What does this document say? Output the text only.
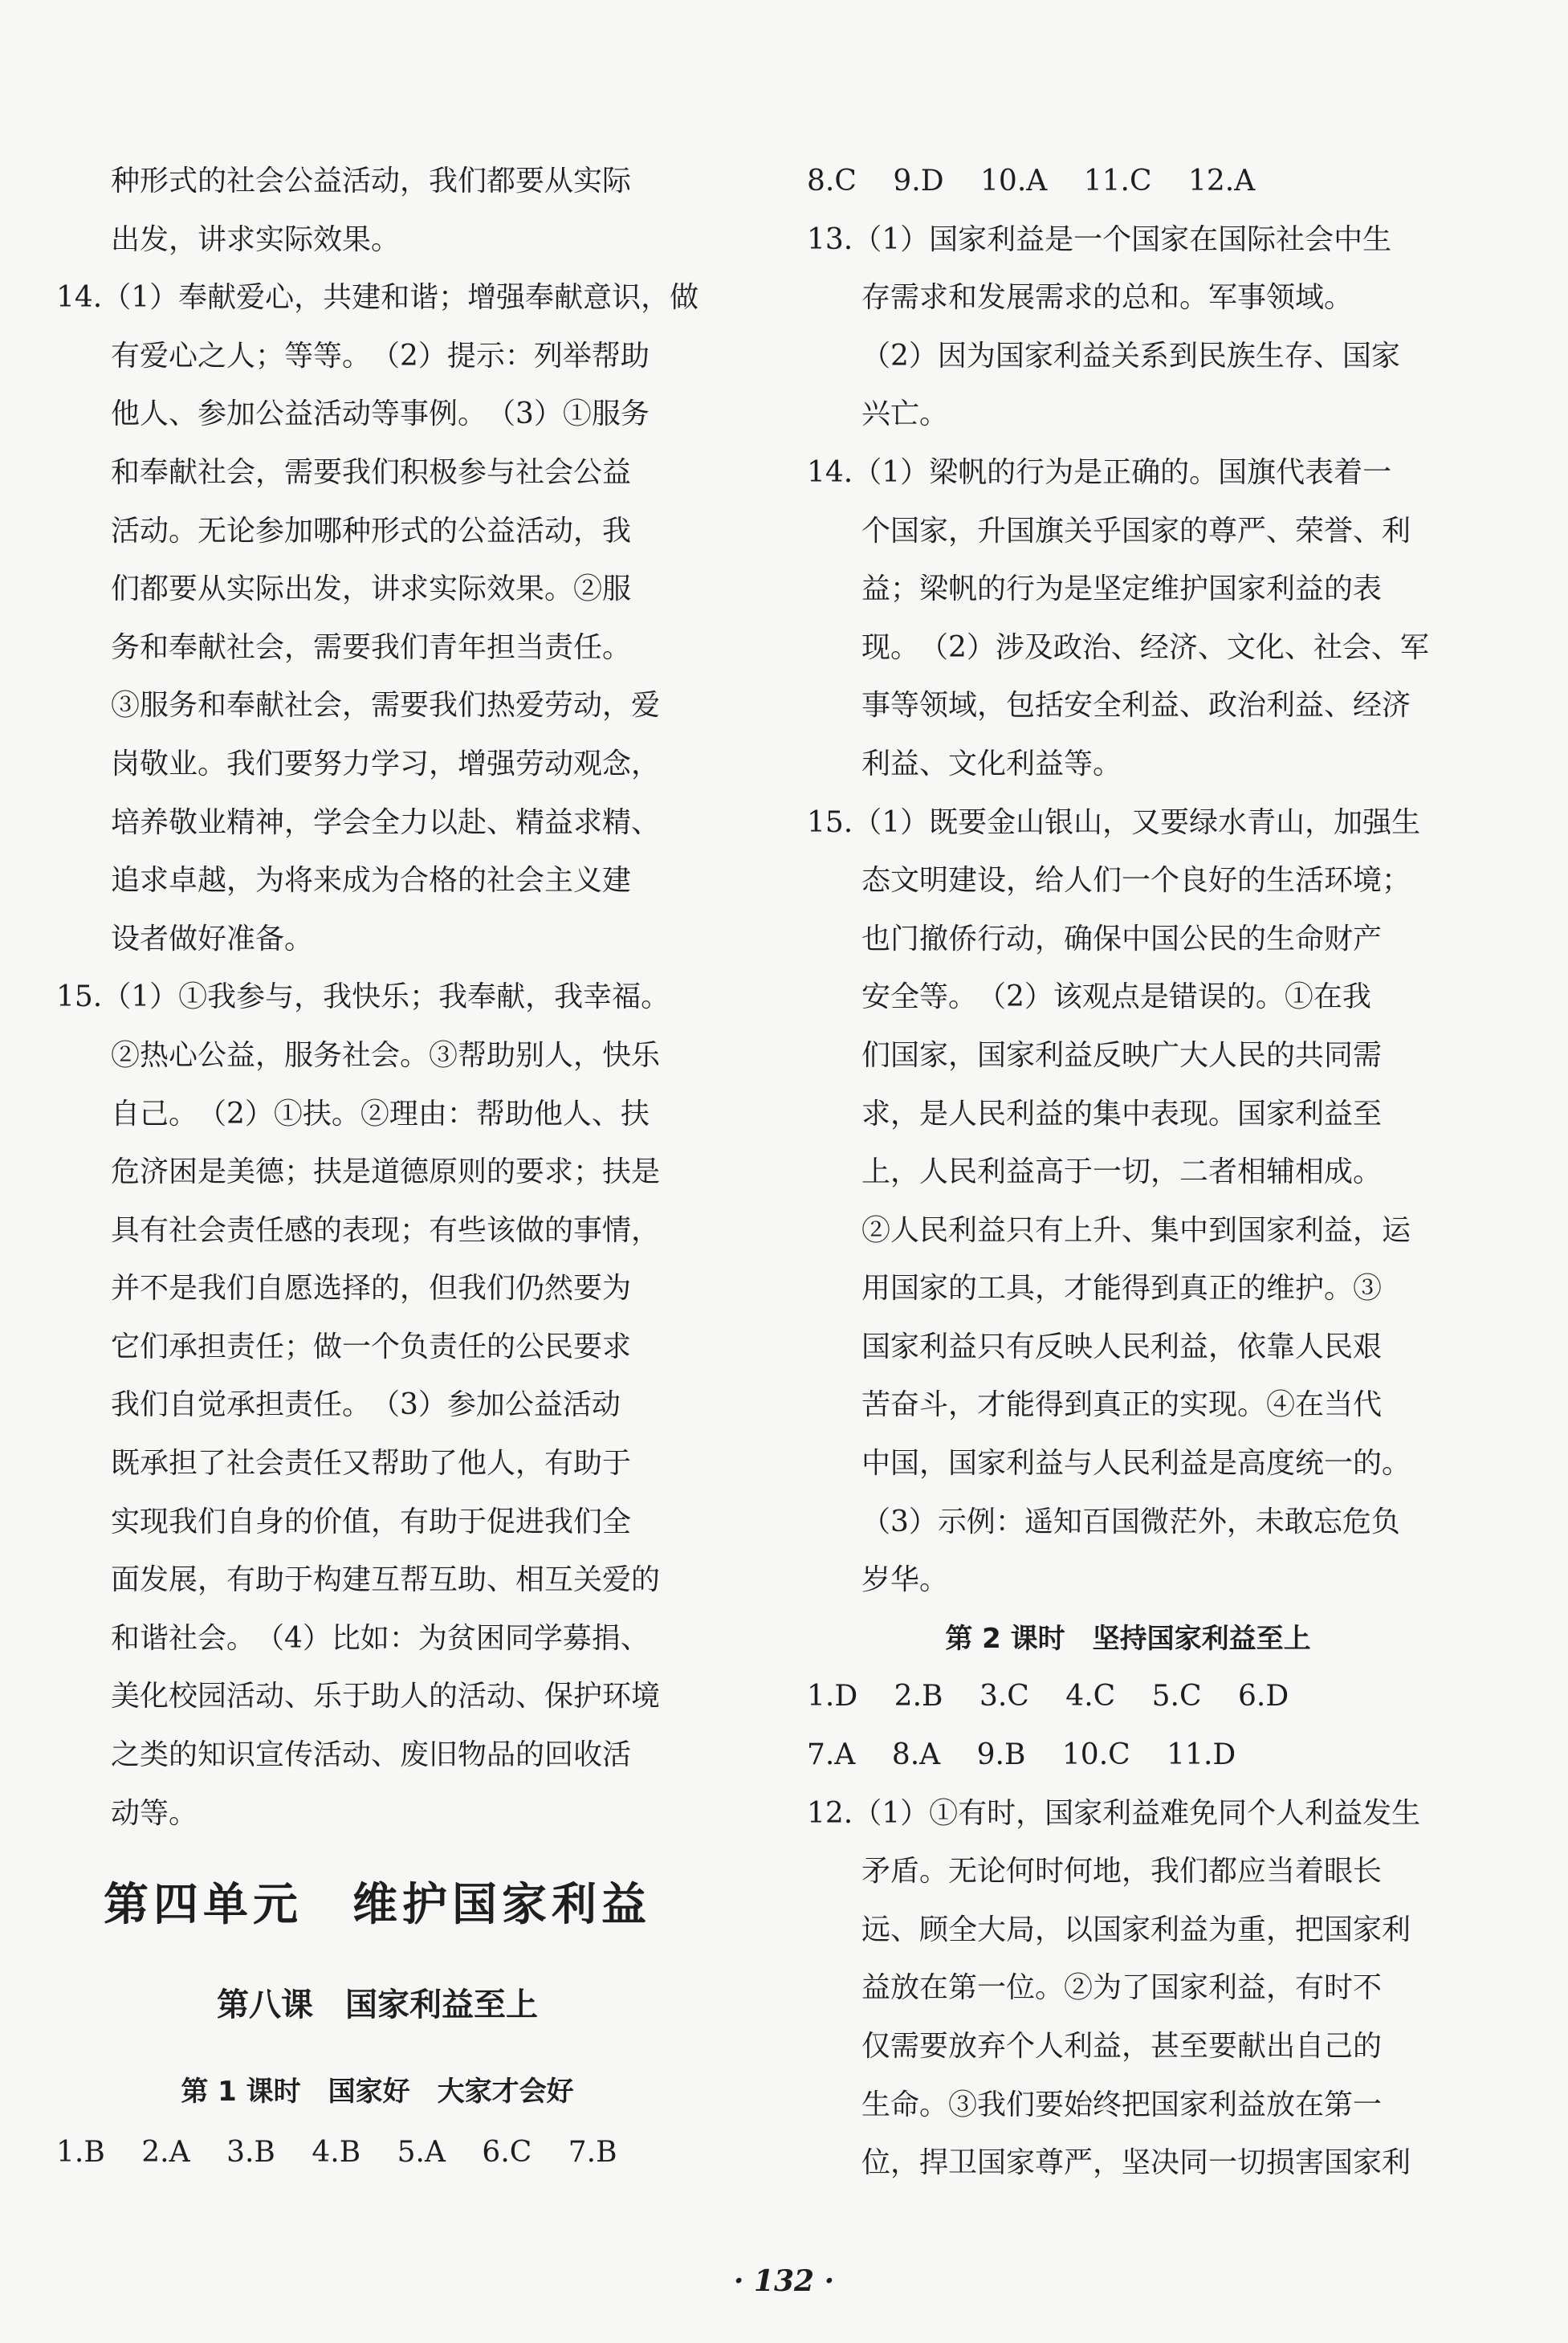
种形式的社会公益活动，我们都要从实际
出发，讲求实际效果。
14.（1）奉献爱心，共建和谐；增强奉献意识，做
有爱心之人；等等。　（2）提示：列举帮助
他人、参加公益活动等事例。　（3）①服务
和奉献社会，需要我们积极参与社会公益
活动。无论参加哪种形式的公益活动，我
们都要从实际出发，讲求实际效果。②服
务和奉献社会，需要我们青年担当责任。
③服务和奉献社会，需要我们热爱劳动，爱
岗敬业。我们要努力学习，增强劳动观念，
培养敬业精神，学会全力以赴、精益求精、
追求卓越，为将来成为合格的社会主义建
设者做好准备。
15.（1）①我参与，我快乐；我奉献，我幸福。
②热心公益，服务社会。③帮助别人，快乐
自己。　（2）①扶。②理由：帮助他人、扶
危济困是美德；扶是道德原则的要求；扶是
具有社会责任感的表现；有些该做的事情，
并不是我们自愿选择的，但我们仍然要为
它们承担责任；做一个负责任的公民要求
我们自觉承担责任。　（3）参加公益活动
既承担了社会责任又帮助了他人，有助于
实现我们自身的价值，有助于促进我们全
面发展，有助于构建互帮互助、相互关爱的
和谐社会。　（4）比如：为贫困同学募捐、
美化校园活动、乐于助人的活动、保护环境
之类的知识宣传活动、废旧物品的回收活
动等。
第四单元　维护国家利益
第八课　国家利益至上
第 1 课时　国家好　大家才会好
1.B 2.A 3.B 4.B 5.A 6.C 7.B
8.C 9.D 10.A 11.C 12.A
13.（1）国家利益是一个国家在国际社会中生
存需求和发展需求的总和。军事领域。
（2）因为国家利益关系到民族生存、国家
兴亡。
14.（1）梁帆的行为是正确的。国旗代表着一
个国家，升国旗关乎国家的尊严、荣誉、利
益；梁帆的行为是坚定维护国家利益的表
现。　（2）涉及政治、经济、文化、社会、军
事等领域，包括安全利益、政治利益、经济
利益、文化利益等。
15.（1）既要金山银山，又要绿水青山，加强生
态文明建设，给人们一个良好的生活环境；
也门撤侨行动，确保中国公民的生命财产
安全等。　（2）该观点是错误的。①在我
们国家，国家利益反映广大人民的共同需
求，是人民利益的集中表现。国家利益至
上，人民利益高于一切，二者相辅相成。
②人民利益只有上升、集中到国家利益，运
用国家的工具，才能得到真正的维护。③
国家利益只有反映人民利益，依靠人民艰
苦奋斗，才能得到真正的实现。④在当代
中国，国家利益与人民利益是高度统一的。
（3）示例：遥知百国微茫外，未敢忘危负
岁华。
第 2 课时　坚持国家利益至上
1.D 2.B 3.C 4.C 5.C 6.D
7.A 8.A 9.B 10.C 11.D
12.（1）①有时，国家利益难免同个人利益发生
矛盾。无论何时何地，我们都应当着眼长
远、顾全大局，以国家利益为重，把国家利
益放在第一位。②为了国家利益，有时不
仅需要放弃个人利益，甚至要献出自己的
生命。③我们要始终把国家利益放在第一
位，捍卫国家尊严，坚决同一切损害国家利
· 132 ·
